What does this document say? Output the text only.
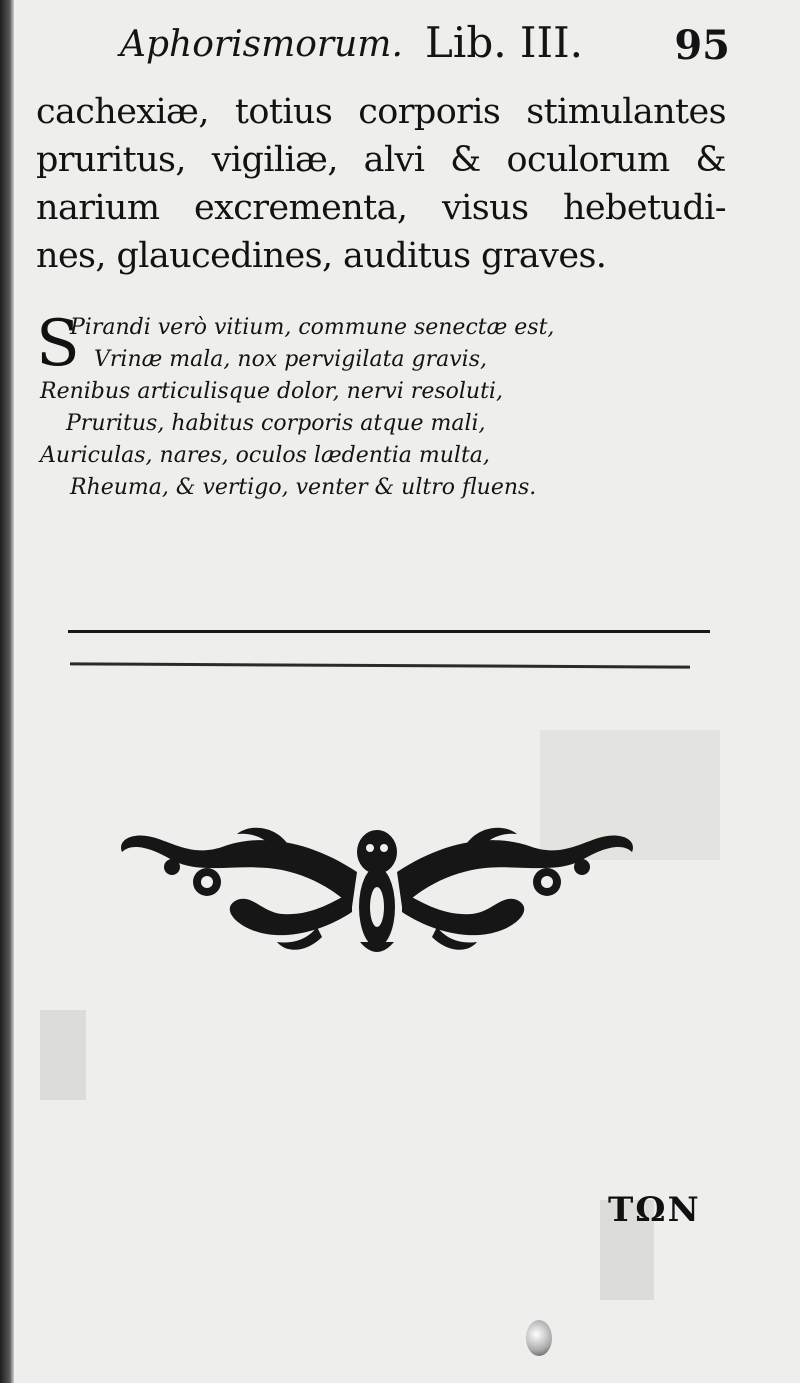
Aphorismorum. Lib. III. 95
cachexiæ, totius corporis stimulantes
pruritus, vigiliæ, alvi & oculorum &
narium excrementa, visus hebetudi-
nes, glaucedines, auditus graves.
S
Pirandi verò vitium, commune senectæ est,
Vrinæ mala, nox pervigilata gravis,
Renibus articulisque dolor, nervi resoluti,
Pruritus, habitus corporis atque mali,
Auriculas, nares, oculos lædentia multa,
Rheuma, & vertigo, venter & ultro fluens.
TΩN
